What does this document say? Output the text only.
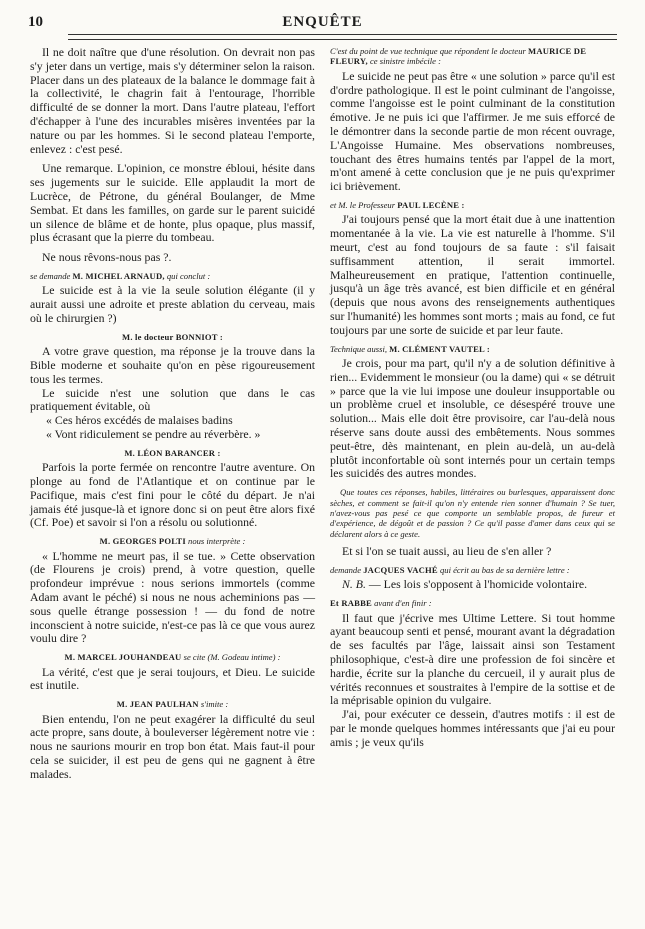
10	ENQUÊTE

Il ne doit naître que d'une résolution. On devrait non pas s'y jeter dans un vertige, mais s'y déterminer selon la raison. Placer dans un des plateaux de la balance le dommage fait à la collectivité, le chagrin fait à l'entourage, l'horrible difficulté de se donner la mort. Dans l'autre plateau, l'effort d'échapper à l'une des incurables misères inventées par la nature ou par les hommes. Si le second plateau l'emporte, enlevez : c'est pesé.

Une remarque. L'opinion, ce monstre ébloui, hésite dans ses jugements sur le suicide. Elle applaudit la mort de Lucrèce, de Pétrone, du général Boulanger, de Mme Sembat. Et dans les familles, on garde sur le parent suicidé un silence de blâme et de honte, plus opaque, plus massif, plus écrasant que la pierre du tombeau.

Ne nous rêvons-nous pas ?.

se demande M. MICHEL ARNAUD, qui conclut :

Le suicide est à la vie la seule solution élégante (il y aurait aussi une adroite et preste ablation du cerveau, mais où le chirurgien ?)

M. le docteur BONNIOT :

A votre grave question, ma réponse je la trouve dans la Bible moderne et souhaite qu'on en pèse rigoureusement tous les termes.

Le suicide n'est une solution que dans le cas pratiquement évitable, où

« Ces héros excédés de malaises badins
« Vont ridiculement se pendre au réverbère. »
M. LÉON BARANCER :

Parfois la porte fermée on rencontre l'autre aventure. On plonge au fond de l'Atlantique et on continue par le Pacifique, mais c'est fini pour le côté du départ. Je n'ai jamais été jusque-là et ignore donc si on peut être alors fixé (Cf. Poe) et savoir si l'on a résolu ou solutionné.

M. GEORGES POLTI nous interprète :

« L'homme ne meurt pas, il se tue. » Cette observation (de Flourens je crois) prend, à votre question, quelle profondeur imprévue : nous serions immortels (comme Adam avant le péché) si nous ne nous acheminions pas — sous quelle étrange possession ! — du fond de notre inconscient à notre suicide, n'est-ce pas là ce que vous aurez voulu dire ?

M. MARCEL JOUHANDEAU se cite (M. Godeau intime) :

La vérité, c'est que je serai toujours, et Dieu. Le suicide est inutile.

M. JEAN PAULHAN s'imite :

Bien entendu, l'on ne peut exagérer la difficulté du seul acte propre, sans doute, à bouleverser légèrement notre vie : nous ne saurions mourir en trop bon état. Mais faut-il pour cela se suicider, il est peu de gens qui ne gagnent à être malades.

C'est du point de vue technique que répondent le docteur MAURICE DE FLEURY, ce sinistre imbécile :

Le suicide ne peut pas être « une solution » parce qu'il est d'ordre pathologique. Il est le point culminant de l'angoisse, comme l'angoisse est le point culminant de la constitution émotive. Je ne puis ici que l'affirmer. Je me suis efforcé de le démontrer dans la seconde partie de mon récent ouvrage, L'Angoisse Humaine. Mes observations nombreuses, touchant des êtres humains tentés par l'appel de la mort, m'ont amené à cette conclusion que je ne puis qu'exprimer ici brièvement.

et M. le Professeur PAUL LECÈNE :

J'ai toujours pensé que la mort était due à une inattention momentanée à la vie. La vie est naturelle à l'homme. S'il meurt, c'est au fond toujours de sa faute : s'il faisait suffisamment attention, il serait immortel. Malheureusement en pratique, l'attention continuelle, jusqu'à un âge très avancé, est bien difficile et en général (depuis que nous avons des renseignements authentiques sur l'humanité) les hommes sont morts ; mais au fond, ce fut toujours par une sorte de suicide et par leur faute.

Technique aussi, M. CLÉMENT VAUTEL :

Je crois, pour ma part, qu'il n'y a de solution définitive à rien... Evidemment le monsieur (ou la dame) qui « se détruit » parce que la vie lui impose une douleur insupportable ou un problème cruel et insoluble, ce désespéré trouve une solution... Mais elle doit être provisoire, car l'au-delà nous réserve sans doute aussi des embêtements. Nous sommes peut-être, dès maintenant, en plein au-delà, un au-delà plutôt inconfortable où sont internés pour un certain temps les suicidés des autres mondes.

Que toutes ces réponses, habiles, littéraires ou burlesques, apparaissent donc sèches, et comment se fait-il qu'on n'y entende rien sonner d'humain ? Se tuer, n'avez-vous pas pesé ce que comporte un semblable propos, de fureur et d'expérience, de dégoût et de passion ? Ce qu'il passe d'amer dans ceux qui se déclarent alors à ce geste.

Et si l'on se tuait aussi, au lieu de s'en aller ?

demande JACQUES VACHÉ qui écrit au bas de sa dernière lettre :

N. B. — Les lois s'opposent à l'homicide volontaire.

Et RABBE avant d'en finir :

Il faut que j'écrive mes Ultime Lettere. Si tout homme ayant beaucoup senti et pensé, mourant avant la dégradation de ses facultés par l'âge, laissait ainsi son Testament philosophique, c'est-à dire une profession de foi sincère et hardie, écrite sur la planche du cercueil, il y aurait plus de vérités reconnues et soustraites à l'empire de la sottise et de la méprisable opinion du vulgaire.

J'ai, pour exécuter ce dessein, d'autres motifs : il est de par le monde quelques hommes intéressants que j'ai eu pour amis ; je veux qu'ils
